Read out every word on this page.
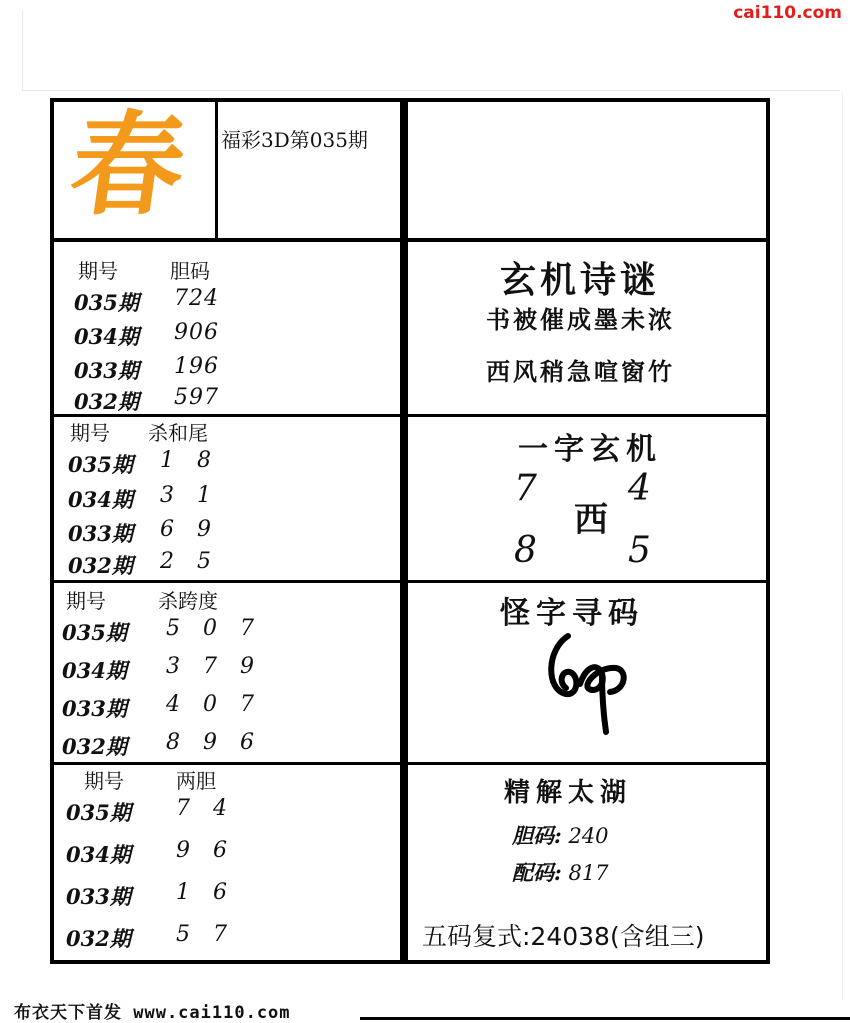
cai110.com
春 福彩3D第035期
期号	胆码
035期 724
034期 906
033期 196
032期 597
期号 杀和尾
035期 1 8
034期 3 1
033期 6 9
032期 2 5
期号	杀跨度
035期 5 0 7
034期 3 7 9
033期 4 0 7
032期 8 9 6
期号	两胆
035期 7 4
034期 9 6
033期 1 6
032期 5 7
玄机诗谜
书被催成墨未浓
西风稍急喧窗竹
一字玄机
7	4
西
8	5
怪字寻码
精解太湖
胆码: 240
配码: 817
五码复式:24038(含组三)
布衣天下首发 www.cai110.com
